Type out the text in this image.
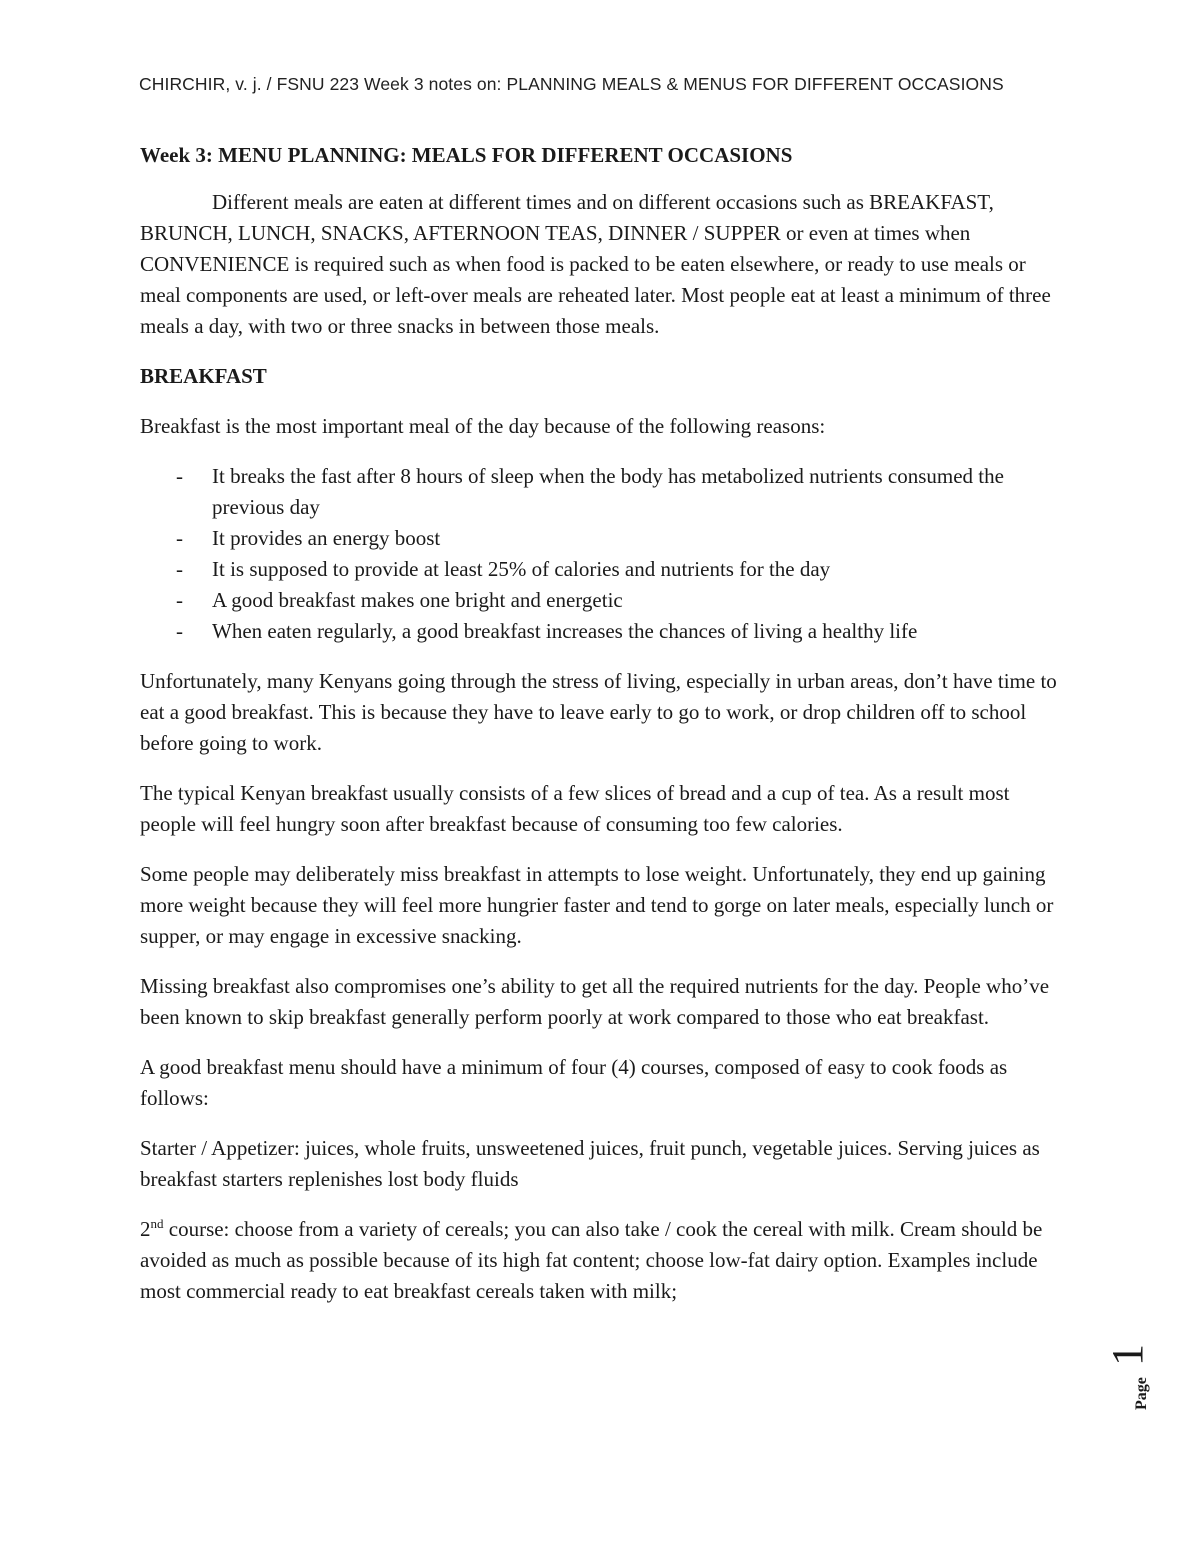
CHIRCHIR, v. j. / FSNU 223 Week 3 notes on: PLANNING MEALS & MENUS FOR DIFFERENT OCCASIONS
Week 3: MENU PLANNING: MEALS FOR DIFFERENT OCCASIONS

Different meals are eaten at different times and on different occasions such as BREAKFAST, BRUNCH, LUNCH, SNACKS, AFTERNOON TEAS, DINNER / SUPPER or even at times when CONVENIENCE is required such as when food is packed to be eaten elsewhere, or ready to use meals or meal components are used, or left-over meals are reheated later. Most people eat at least a minimum of three meals a day, with two or three snacks in between those meals.

BREAKFAST

Breakfast is the most important meal of the day because of the following reasons:

- It breaks the fast after 8 hours of sleep when the body has metabolized nutrients consumed the previous day
- It provides an energy boost
- It is supposed to provide at least 25% of calories and nutrients for the day
- A good breakfast makes one bright and energetic
- When eaten regularly, a good breakfast increases the chances of living a healthy life

Unfortunately, many Kenyans going through the stress of living, especially in urban areas, don’t have time to eat a good breakfast. This is because they have to leave early to go to work, or drop children off to school before going to work.

The typical Kenyan breakfast usually consists of a few slices of bread and a cup of tea. As a result most people will feel hungry soon after breakfast because of consuming too few calories.

Some people may deliberately miss breakfast in attempts to lose weight. Unfortunately, they end up gaining more weight because they will feel more hungrier faster and tend to gorge on later meals, especially lunch or supper, or may engage in excessive snacking.

Missing breakfast also compromises one’s ability to get all the required nutrients for the day. People who’ve been known to skip breakfast generally perform poorly at work compared to those who eat breakfast.

A good breakfast menu should have a minimum of four (4) courses, composed of easy to cook foods as follows:

Starter / Appetizer: juices, whole fruits, unsweetened juices, fruit punch, vegetable juices. Serving juices as breakfast starters replenishes lost body fluids

2nd course: choose from a variety of cereals; you can also take / cook the cereal with milk. Cream should be avoided as much as possible because of its high fat content; choose low-fat dairy option. Examples include most commercial ready to eat breakfast cereals taken with milk;

Page
1
